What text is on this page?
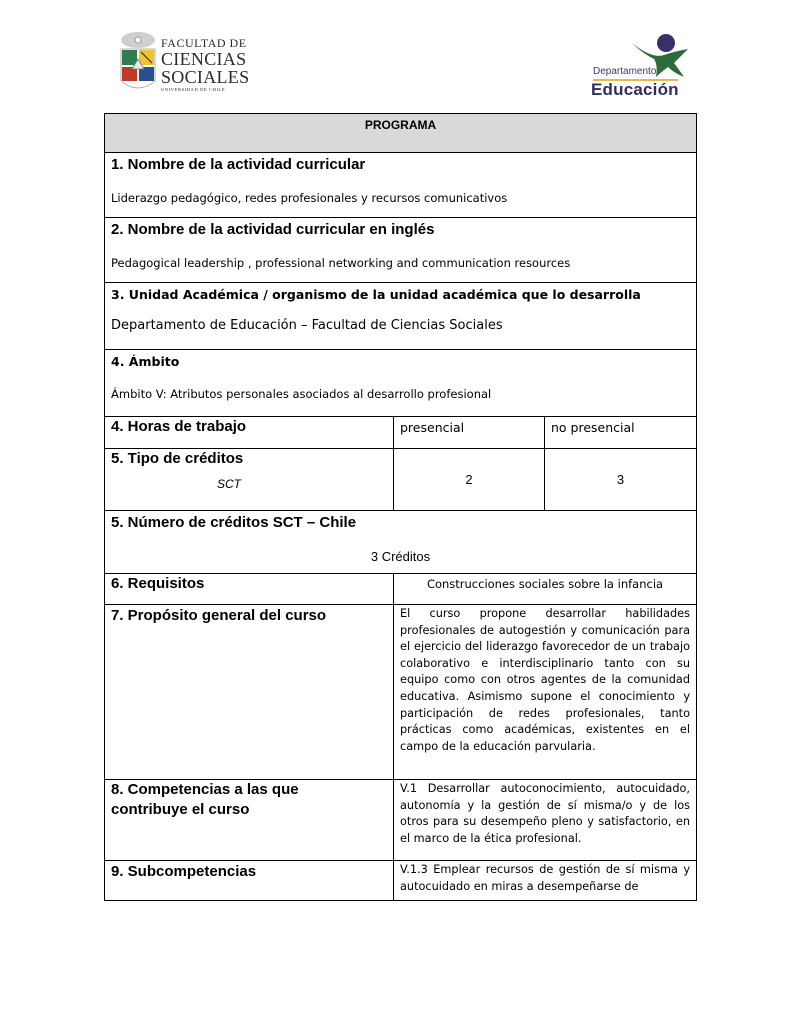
FACULTAD DE
CIENCIAS
SOCIALES
UNIVERSIDAD DE CHILE
Departamento
Educación
PROGRAMA		

1. Nombre de la actividad curricular
Liderazgo pedagógico, redes profesionales y recursos comunicativos		

2. Nombre de la actividad curricular en inglés
Pedagogical leadership , professional networking and communication resources		

3. Unidad Académica / organismo de la unidad académica que lo desarrolla
Departamento de Educación – Facultad de Ciencias Sociales		

4. Ámbito
Ámbito V: Atributos personales asociados al desarrollo profesional		

4. Horas de trabajo	presencial	no presencial

5. Tipo de créditos
SCT	2	3

5. Número de créditos SCT – Chile
3 Créditos		

6. Requisitos	Construcciones sociales sobre la infancia	

7. Propósito general del curso	El curso propone desarrollar habilidades profesionales de autogestión y comunicación para el ejercicio del liderazgo favorecedor de un trabajo colaborativo e interdisciplinario tanto con su equipo como con otros agentes de la comunidad educativa. Asimismo supone el conocimiento y participación de redes profesionales, tanto prácticas como académicas, existentes en el campo de la educación parvularia.	

8. Competencias a las que
contribuye el curso	V.1 Desarrollar autoconocimiento, autocuidado, autonomía y la gestión de sí misma/o y de los otros para su desempeño pleno y satisfactorio, en el marco de la ética profesional.	

9. Subcompetencias	V.1.3 Emplear recursos de gestión de sí misma y autocuidado en miras a desempeñarse de	
